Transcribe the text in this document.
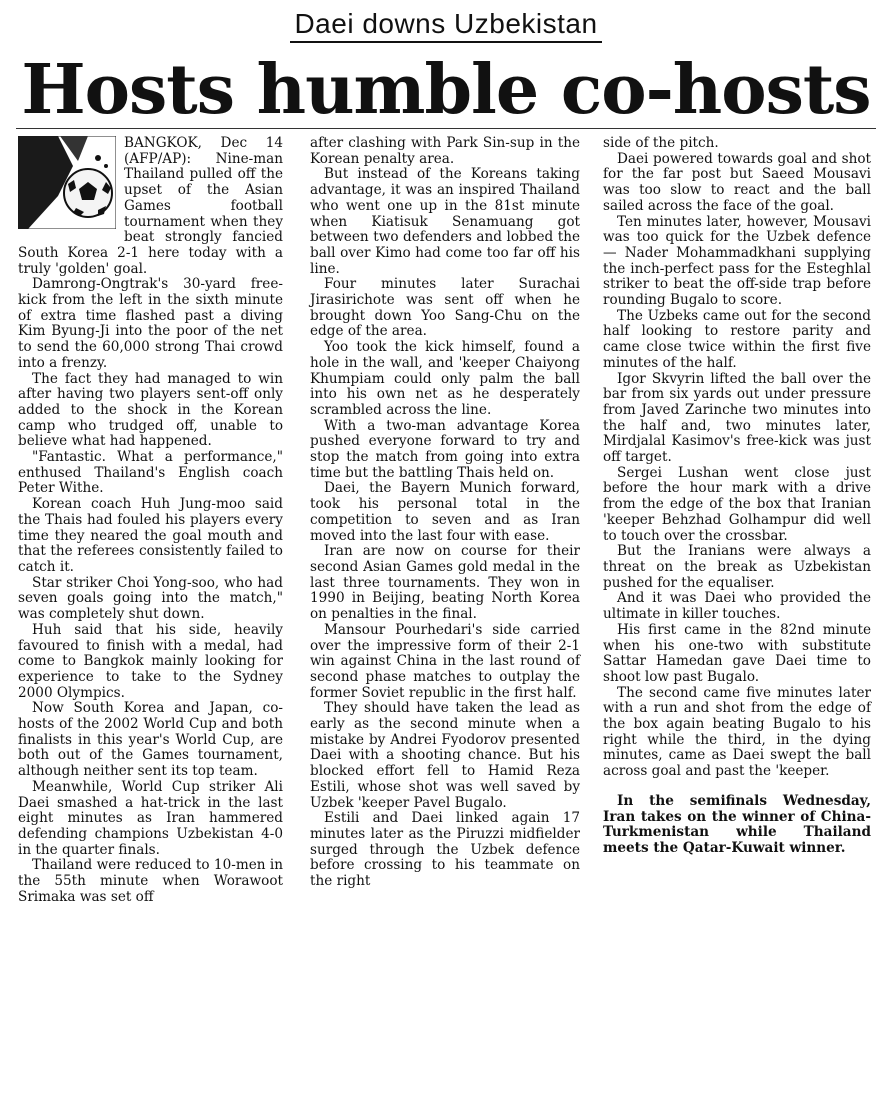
Daei downs Uzbekistan
Hosts humble co-hosts

BANGKOK, Dec 14 (AFP/AP): Nine-man Thailand pulled off the upset of the Asian Games football tournament when they beat strongly fancied South Korea 2-1 here today with a truly 'golden' goal.

Damrong-Ongtrak's 30-yard free-kick from the left in the sixth minute of extra time flashed past a diving Kim Byung-Ji into the poor of the net to send the 60,000 strong Thai crowd into a frenzy.

The fact they had managed to win after having two players sent-off only added to the shock in the Korean camp who trudged off, unable to believe what had happened.

"Fantastic. What a performance," enthused Thailand's English coach Peter Withe.

Korean coach Huh Jung-moo said the Thais had fouled his players every time they neared the goal mouth and that the referees consistently failed to catch it.

Star striker Choi Yong-soo, who had seven goals going into the match," was completely shut down.

Huh said that his side, heavily favoured to finish with a medal, had come to Bangkok mainly looking for experience to take to the Sydney 2000 Olympics.

Now South Korea and Japan, co-hosts of the 2002 World Cup and both finalists in this year's World Cup, are both out of the Games tournament, although neither sent its top team.

Meanwhile, World Cup striker Ali Daei smashed a hat-trick in the last eight minutes as Iran hammered defending champions Uzbekistan 4-0 in the quarter finals.

Thailand were reduced to 10-men in the 55th minute when Worawoot Srimaka was set off

after clashing with Park Sin-sup in the Korean penalty area.

But instead of the Koreans taking advantage, it was an inspired Thailand who went one up in the 81st minute when Kiatisuk Senamuang got between two defenders and lobbed the ball over Kimo had come too far off his line.

Four minutes later Surachai Jirasirichote was sent off when he brought down Yoo Sang-Chu on the edge of the area.

Yoo took the kick himself, found a hole in the wall, and 'keeper Chaiyong Khumpiam could only palm the ball into his own net as he desperately scrambled across the line.

With a two-man advantage Korea pushed everyone forward to try and stop the match from going into extra time but the battling Thais held on.

Daei, the Bayern Munich forward, took his personal total in the competition to seven and as Iran moved into the last four with ease.

Iran are now on course for their second Asian Games gold medal in the last three tournaments. They won in 1990 in Beijing, beating North Korea on penalties in the final.

Mansour Pourhedari's side carried over the impressive form of their 2-1 win against China in the last round of second phase matches to outplay the former Soviet republic in the first half.

They should have taken the lead as early as the second minute when a mistake by Andrei Fyodorov presented Daei with a shooting chance. But his blocked effort fell to Hamid Reza Estili, whose shot was well saved by Uzbek 'keeper Pavel Bugalo.

Estili and Daei linked again 17 minutes later as the Piruzzi midfielder surged through the Uzbek defence before crossing to his teammate on the right

side of the pitch.

Daei powered towards goal and shot for the far post but Saeed Mousavi was too slow to react and the ball sailed across the face of the goal.

Ten minutes later, however, Mousavi was too quick for the Uzbek defence — Nader Mohammadkhani supplying the inch-perfect pass for the Esteghlal striker to beat the off-side trap before rounding Bugalo to score.

The Uzbeks came out for the second half looking to restore parity and came close twice within the first five minutes of the half.

Igor Skvyrin lifted the ball over the bar from six yards out under pressure from Javed Zarinche two minutes into the half and, two minutes later, Mirdjalal Kasimov's free-kick was just off target.

Sergei Lushan went close just before the hour mark with a drive from the edge of the box that Iranian 'keeper Behzhad Golhampur did well to touch over the crossbar.

But the Iranians were always a threat on the break as Uzbekistan pushed for the equaliser.

And it was Daei who provided the ultimate in killer touches.

His first came in the 82nd minute when his one-two with substitute Sattar Hamedan gave Daei time to shoot low past Bugalo.

The second came five minutes later with a run and shot from the edge of the box again beating Bugalo to his right while the third, in the dying minutes, came as Daei swept the ball across goal and past the 'keeper.

In the semifinals Wednesday, Iran takes on the winner of China-Turkmenistan while Thailand meets the Qatar-Kuwait winner.
